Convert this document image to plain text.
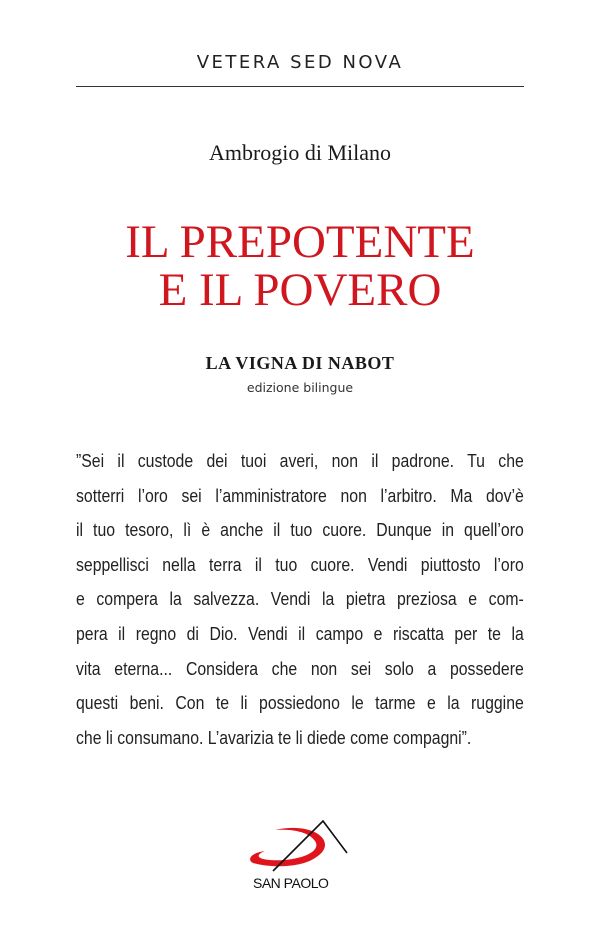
VETERA SED NOVA
Ambrogio di Milano
IL PREPOTENTE
E IL POVERO
LA VIGNA DI NABOT
edizione bilingue
”Sei il custode dei tuoi averi, non il padrone. Tu che
sotterri l’oro sei l’amministratore non l’arbitro. Ma dov’è
il tuo tesoro, lì è anche il tuo cuore. Dunque in quell’oro
seppellisci nella terra il tuo cuore. Vendi piuttosto l’oro
e compera la salvezza. Vendi la pietra preziosa e com-
pera il regno di Dio. Vendi il campo e riscatta per te la
vita eterna... Considera che non sei solo a possedere
questi beni. Con te li possiedono le tarme e la ruggine
che li consumano. L’avarizia te li diede come compagni”.
SAN PAOLO
